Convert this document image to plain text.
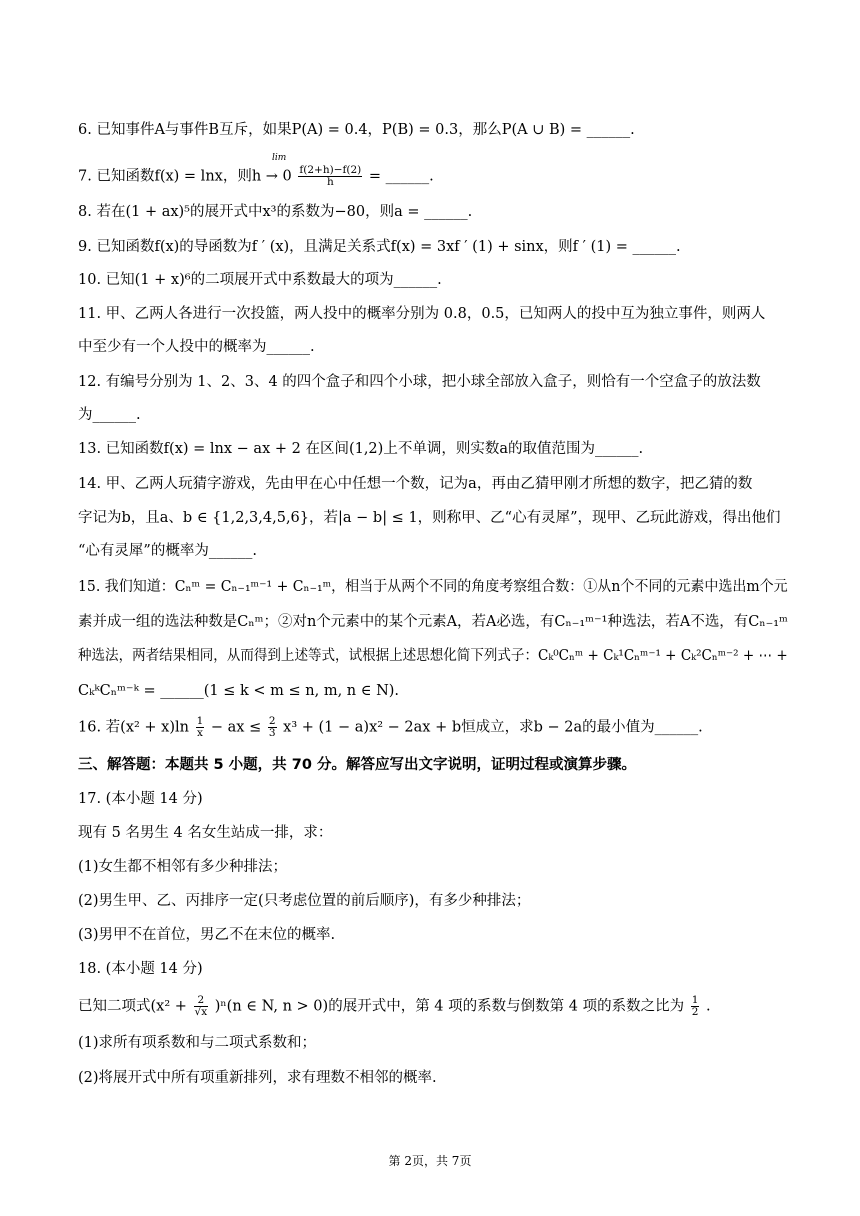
6. 已知事件A与事件B互斥，如果P(A) = 0.4，P(B) = 0.3，那么P(A ∪ B) = ______.
7. 已知函数f(x) = lnx，则$h \to 0 \frac{f(2+h)-f(2)}{h}$ = ______.
lim
8. 若在(1 + ax)⁵的展开式中x³的系数为−80，则a = ______.
9. 已知函数f(x)的导函数为f ′ (x)，且满足关系式f(x) = 3xf ′ (1) + sinx，则f ′ (1) = ______.
10. 已知(1 + x)⁶的二项展开式中系数最大的项为______.
11. 甲、乙两人各进行一次投篮，两人投中的概率分别为 0.8，0.5，已知两人的投中互为独立事件，则两人
中至少有一个人投中的概率为______.
12. 有编号分别为 1、2、3、4 的四个盒子和四个小球，把小球全部放入盒子，则恰有一个空盒子的放法数
为______.
13. 已知函数f(x) = lnx − ax + 2 在区间(1,2)上不单调，则实数a的取值范围为______.
14. 甲、乙两人玩猜字游戏，先由甲在心中任想一个数，记为a，再由乙猜甲刚才所想的数字，把乙猜的数
字记为b，且a、b ∈ {1,2,3,4,5,6}，若|a − b| ≤ 1，则称甲、乙“心有灵犀”，现甲、乙玩此游戏，得出他们
“心有灵犀”的概率为______.
15. 我们知道：Cₙᵐ = Cₙ₋₁ᵐ⁻¹ + Cₙ₋₁ᵐ，相当于从两个不同的角度考察组合数：①从n个不同的元素中选出m个元
素并成一组的选法种数是Cₙᵐ；②对n个元素中的某个元素A，若A必选，有Cₙ₋₁ᵐ⁻¹种选法，若A不选，有Cₙ₋₁ᵐ
种选法，两者结果相同，从而得到上述等式，试根据上述思想化简下列式子：Cₖ⁰Cₙᵐ + Cₖ¹Cₙᵐ⁻¹ + Cₖ²Cₙᵐ⁻² + ⋯ +
CₖᵏCₙᵐ⁻ᵏ = ______(1 ≤ k < m ≤ n, m, n ∈ N).
16. 若$(x^2 + x)\ln \frac{1}{x}$ − ax ≤ $\frac{2}{3} x^3 + (1 - a)x^2 - 2ax + b$恒成立，求b − 2a的最小值为______.
三、解答题：本题共 5 小题，共 70 分。解答应写出文字说明，证明过程或演算步骤。
17. (本小题 14 分)
现有 5 名男生 4 名女生站成一排，求：
(1)女生都不相邻有多少种排法；
(2)男生甲、乙、丙排序一定(只考虑位置的前后顺序)，有多少种排法；
(3)男甲不在首位，男乙不在末位的概率.
18. (本小题 14 分)
已知二项式$(x^2 + \frac{2}{√x} )^n(n$ ∈ N, n > 0)的展开式中，第 4 项的系数与倒数第 4 项的系数之比为 $\frac{1}{2}$ .
(1)求所有项系数和与二项式系数和；
(2)将展开式中所有项重新排列，求有理数不相邻的概率.
第 2页，共 7页
